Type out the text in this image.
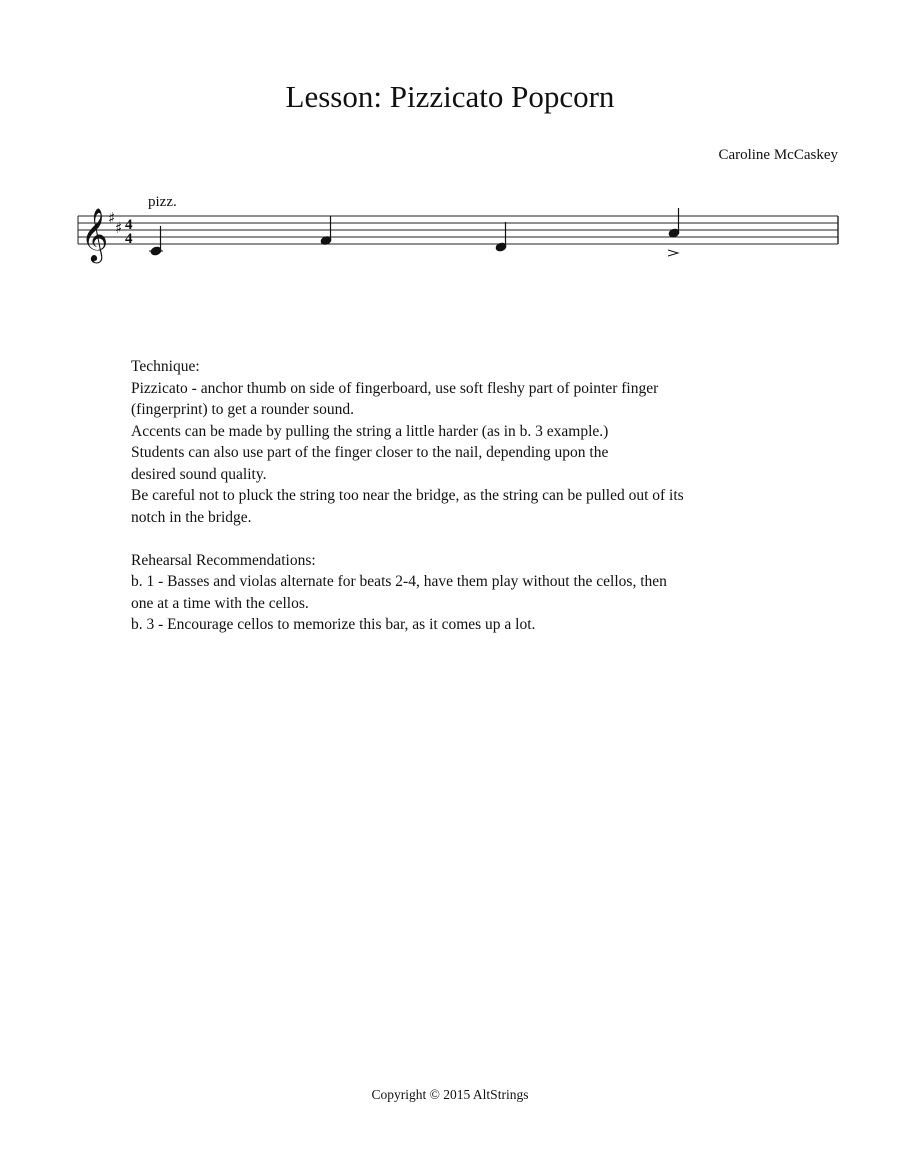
Lesson: Pizzicato Popcorn
Caroline McCaskey
𝄞 ♯
♯ 4
4
pizz.

Technique:

Pizzicato - anchor thumb on side of fingerboard, use soft fleshy part of pointer finger

(fingerprint) to get a rounder sound.

Accents can be made by pulling the string a little harder (as in b. 3 example.)

Students can also use part of the finger closer to the nail, depending upon the

desired sound quality.

Be careful not to pluck the string too near the bridge, as the string can be pulled out of its

notch in the bridge.

Rehearsal Recommendations:

b. 1 - Basses and violas alternate for beats 2-4, have them play without the cellos, then

one at a time with the cellos.

b. 3 - Encourage cellos to memorize this bar, as it comes up a lot.

Copyright © 2015 AltStrings
